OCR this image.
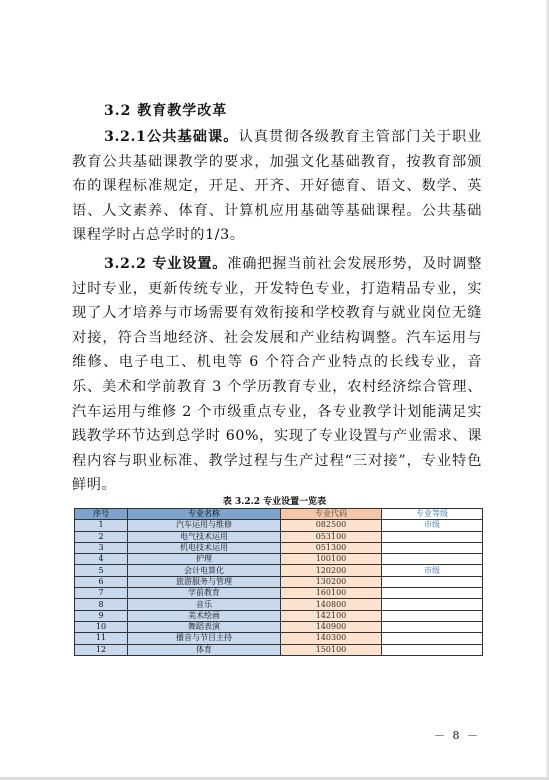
3.2 教育教学改革
3.2.1公共基础课。认真贯彻各级教育主管部门关于职业教育公共基础课教学的要求，加强文化基础教育，按教育部颁布的课程标准规定，开足、开齐、开好德育、语文、数学、英语、人文素养、体育、计算机应用基础等基础课程。公共基础课程学时占总学时的1/3。
3.2.2 专业设置。准确把握当前社会发展形势，及时调整过时专业，更新传统专业，开发特色专业，打造精品专业，实现了人才培养与市场需要有效衔接和学校教育与就业岗位无缝对接，符合当地经济、社会发展和产业结构调整。汽车运用与维修、电子电工、机电等 6 个符合产业特点的长线专业，音乐、美术和学前教育 3 个学历教育专业，农村经济综合管理、汽车运用与维修 2 个市级重点专业，各专业教学计划能满足实践教学环节达到总学时 60%，实现了专业设置与产业需求、课程内容与职业标准、教学过程与生产过程“三对接”，专业特色鲜明。
表 3.2.2 专业设置一览表
序号	专业名称	专业代码	专业等级
1	汽车运用与维修	082500	市级
2	电气技术运用	053100	
3	机电技术运用	051300	
4	护理	100100	
5	会计电算化	120200	市级
6	旅游服务与管理	130200	
7	学前教育	160100	
8	音乐	140800	
9	美术绘画	142100	
10	舞蹈表演	140900	
11	播音与节目主持	140300	
12	体育	150100	
－ 8 －
